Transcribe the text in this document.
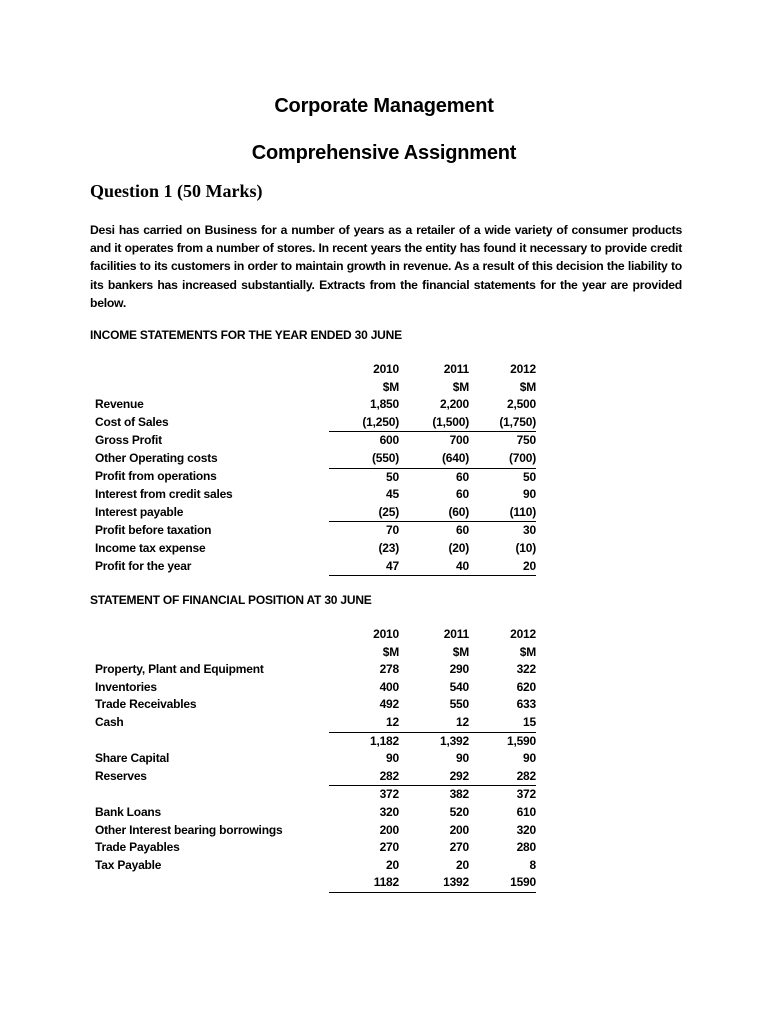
Corporate Management
Comprehensive Assignment
Question 1 (50 Marks)
Desi has carried on Business for a number of years as a retailer of a wide variety of consumer products and it operates from a number of stores. In recent years the entity has found it necessary to provide credit facilities to its customers in order to maintain growth in revenue. As a result of this decision the liability to its bankers has increased substantially. Extracts from the financial statements for the year are provided below.
INCOME STATEMENTS FOR THE YEAR ENDED 30 JUNE
	2010	2011	2012
	$M	$M	$M
Revenue	1,850	2,200	2,500
Cost of Sales	(1,250)	(1,500)	(1,750)
Gross Profit	600	700	750
Other Operating costs	(550)	(640)	(700)
Profit from operations	50	60	50
Interest from credit sales	45	60	90
Interest payable	(25)	(60)	(110)
Profit before taxation	70	60	30
Income tax expense	(23)	(20)	(10)
Profit for the year	47	40	20
STATEMENT OF FINANCIAL POSITION AT 30 JUNE
	2010	2011	2012
	$M	$M	$M
Property, Plant and Equipment	278	290	322
Inventories	400	540	620
Trade Receivables	492	550	633
Cash	12	12	15
	1,182	1,392	1,590
Share Capital	90	90	90
Reserves	282	292	282
	372	382	372
Bank Loans	320	520	610
Other Interest bearing borrowings	200	200	320
Trade Payables	270	270	280
Tax Payable	20	20	8
	1182	1392	1590
